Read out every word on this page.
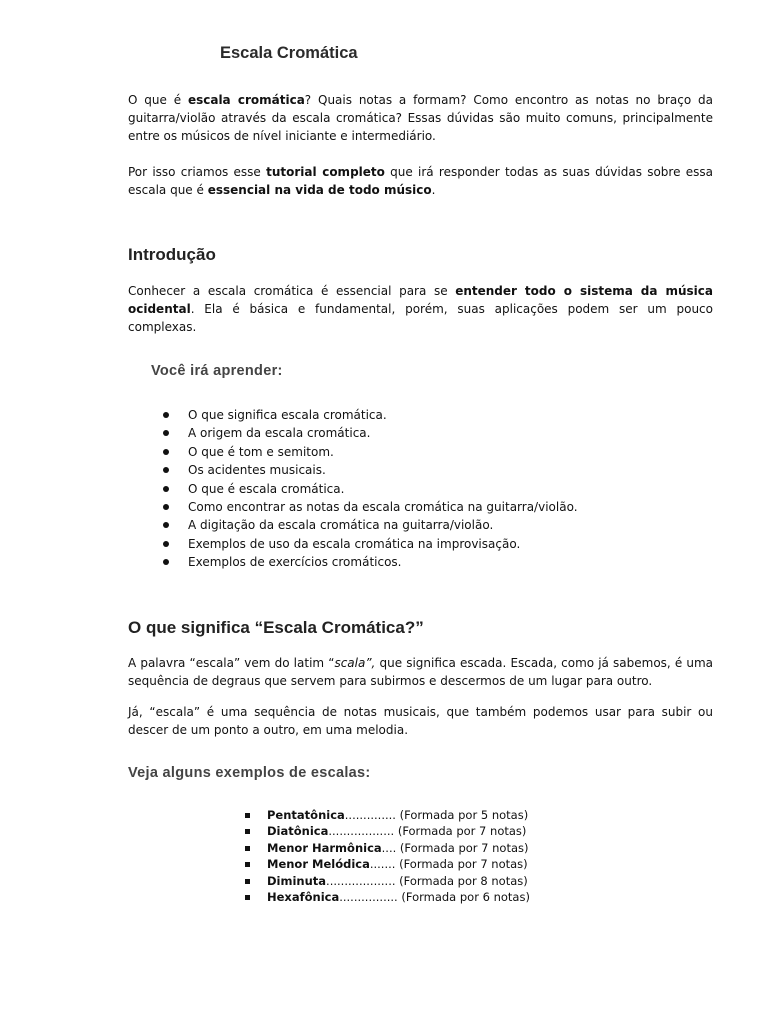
Escala Cromática

O que é escala cromática? Quais notas a formam? Como encontro as notas no braço da guitarra/violão através da escala cromática? Essas dúvidas são muito comuns, principalmente entre os músicos de nível iniciante e intermediário.

Por isso criamos esse tutorial completo que irá responder todas as suas dúvidas sobre essa escala que é essencial na vida de todo músico.

Introdução

Conhecer a escala cromática é essencial para se entender todo o sistema da música ocidental. Ela é básica e fundamental, porém, suas aplicações podem ser um pouco complexas.

Você irá aprender:
O que significa escala cromática.
A origem da escala cromática.
O que é tom e semitom.
Os acidentes musicais.
O que é escala cromática.
Como encontrar as notas da escala cromática na guitarra/violão.
A digitação da escala cromática na guitarra/violão.
Exemplos de uso da escala cromática na improvisação.
Exemplos de exercícios cromáticos.
O que significa “Escala Cromática?”

A palavra “escala” vem do latim “scala”, que significa escada. Escada, como já sabemos, é uma sequência de degraus que servem para subirmos e descermos de um lugar para outro.

Já, “escala” é uma sequência de notas musicais, que também podemos usar para subir ou descer de um ponto a outro, em uma melodia.

Veja alguns exemplos de escalas:
Pentatônica.............. (Formada por 5 notas)
Diatônica.................. (Formada por 7 notas)
Menor Harmônica.... (Formada por 7 notas)
Menor Melódica....... (Formada por 7 notas)
Diminuta................... (Formada por 8 notas)
Hexafônica................ (Formada por 6 notas)
